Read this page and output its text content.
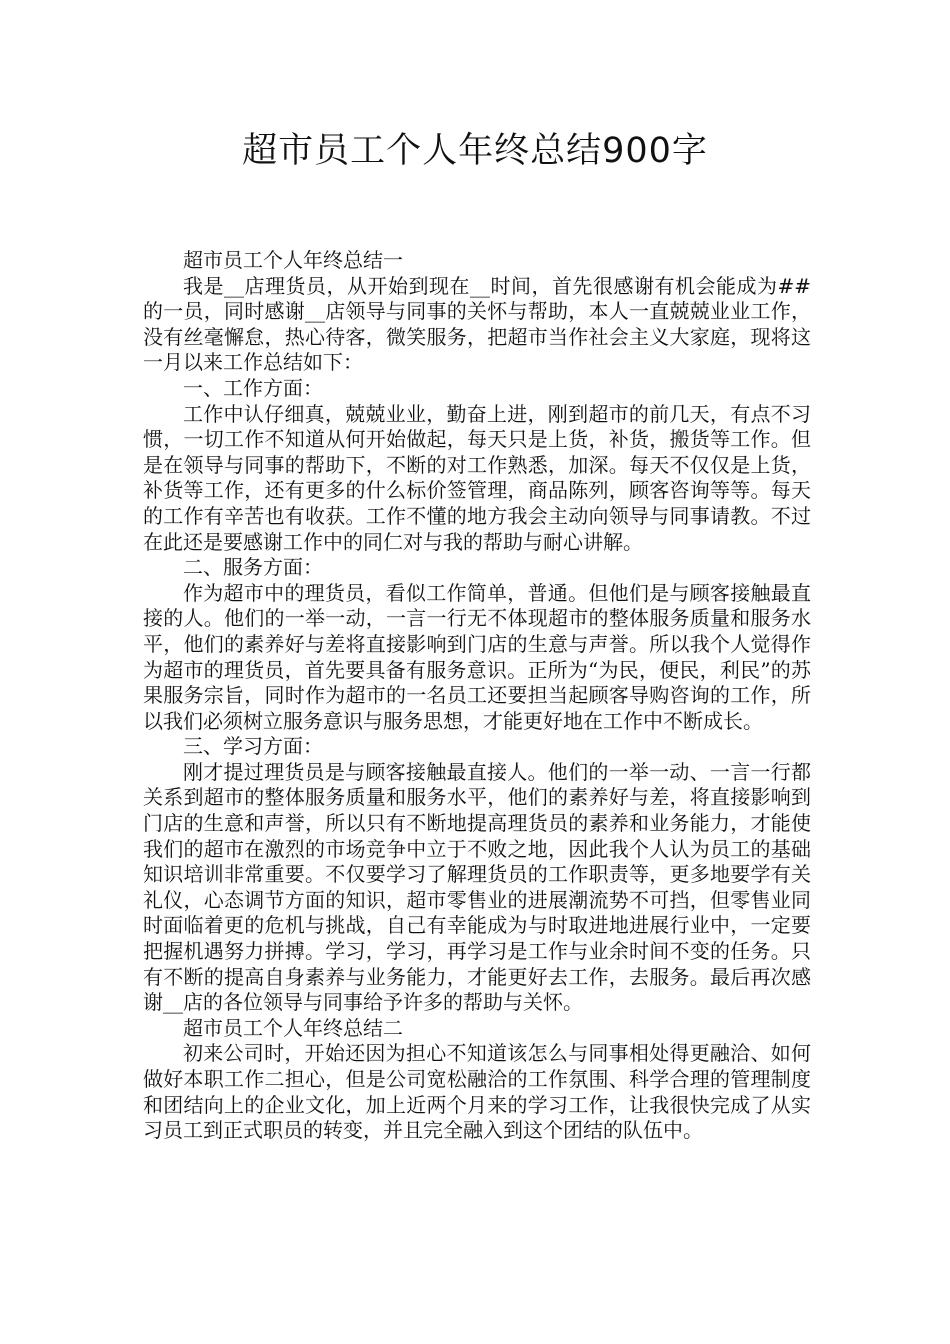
超市员工个人年终总结900字

超市员工个人年终总结一

我是__店理货员，从开始到现在__时间，首先很感谢有机会能成为##的一员，同时感谢__店领导与同事的关怀与帮助，本人一直兢兢业业工作，没有丝毫懈怠，热心待客，微笑服务，把超市当作社会主义大家庭，现将这一月以来工作总结如下：

一、工作方面：

工作中认仔细真，兢兢业业，勤奋上进，刚到超市的前几天，有点不习惯，一切工作不知道从何开始做起，每天只是上货，补货，搬货等工作。但是在领导与同事的帮助下，不断的对工作熟悉，加深。每天不仅仅是上货，补货等工作，还有更多的什么标价签管理，商品陈列，顾客咨询等等。每天的工作有辛苦也有收获。工作不懂的地方我会主动向领导与同事请教。不过在此还是要感谢工作中的同仁对与我的帮助与耐心讲解。

二、服务方面：

作为超市中的理货员，看似工作简单，普通。但他们是与顾客接触最直接的人。他们的一举一动，一言一行无不体现超市的整体服务质量和服务水平，他们的素养好与差将直接影响到门店的生意与声誉。所以我个人觉得作为超市的理货员，首先要具备有服务意识。正所为“为民，便民，利民”的苏果服务宗旨，同时作为超市的一名员工还要担当起顾客导购咨询的工作，所以我们必须树立服务意识与服务思想，才能更好地在工作中不断成长。

三、学习方面：

刚才提过理货员是与顾客接触最直接人。他们的一举一动、一言一行都关系到超市的整体服务质量和服务水平，他们的素养好与差，将直接影响到门店的生意和声誉，所以只有不断地提高理货员的素养和业务能力，才能使我们的超市在激烈的市场竞争中立于不败之地，因此我个人认为员工的基础知识培训非常重要。不仅要学习了解理货员的工作职责等，更多地要学有关礼仪，心态调节方面的知识，超市零售业的进展潮流势不可挡，但零售业同时面临着更的危机与挑战，自己有幸能成为与时取进地进展行业中，一定要把握机遇努力拼搏。学习，学习，再学习是工作与业余时间不变的任务。只有不断的提高自身素养与业务能力，才能更好去工作，去服务。最后再次感谢__店的各位领导与同事给予许多的帮助与关怀。

超市员工个人年终总结二

初来公司时，开始还因为担心不知道该怎么与同事相处得更融洽、如何做好本职工作二担心，但是公司宽松融洽的工作氛围、科学合理的管理制度和团结向上的企业文化，加上近两个月来的学习工作，让我很快完成了从实习员工到正式职员的转变，并且完全融入到这个团结的队伍中。
